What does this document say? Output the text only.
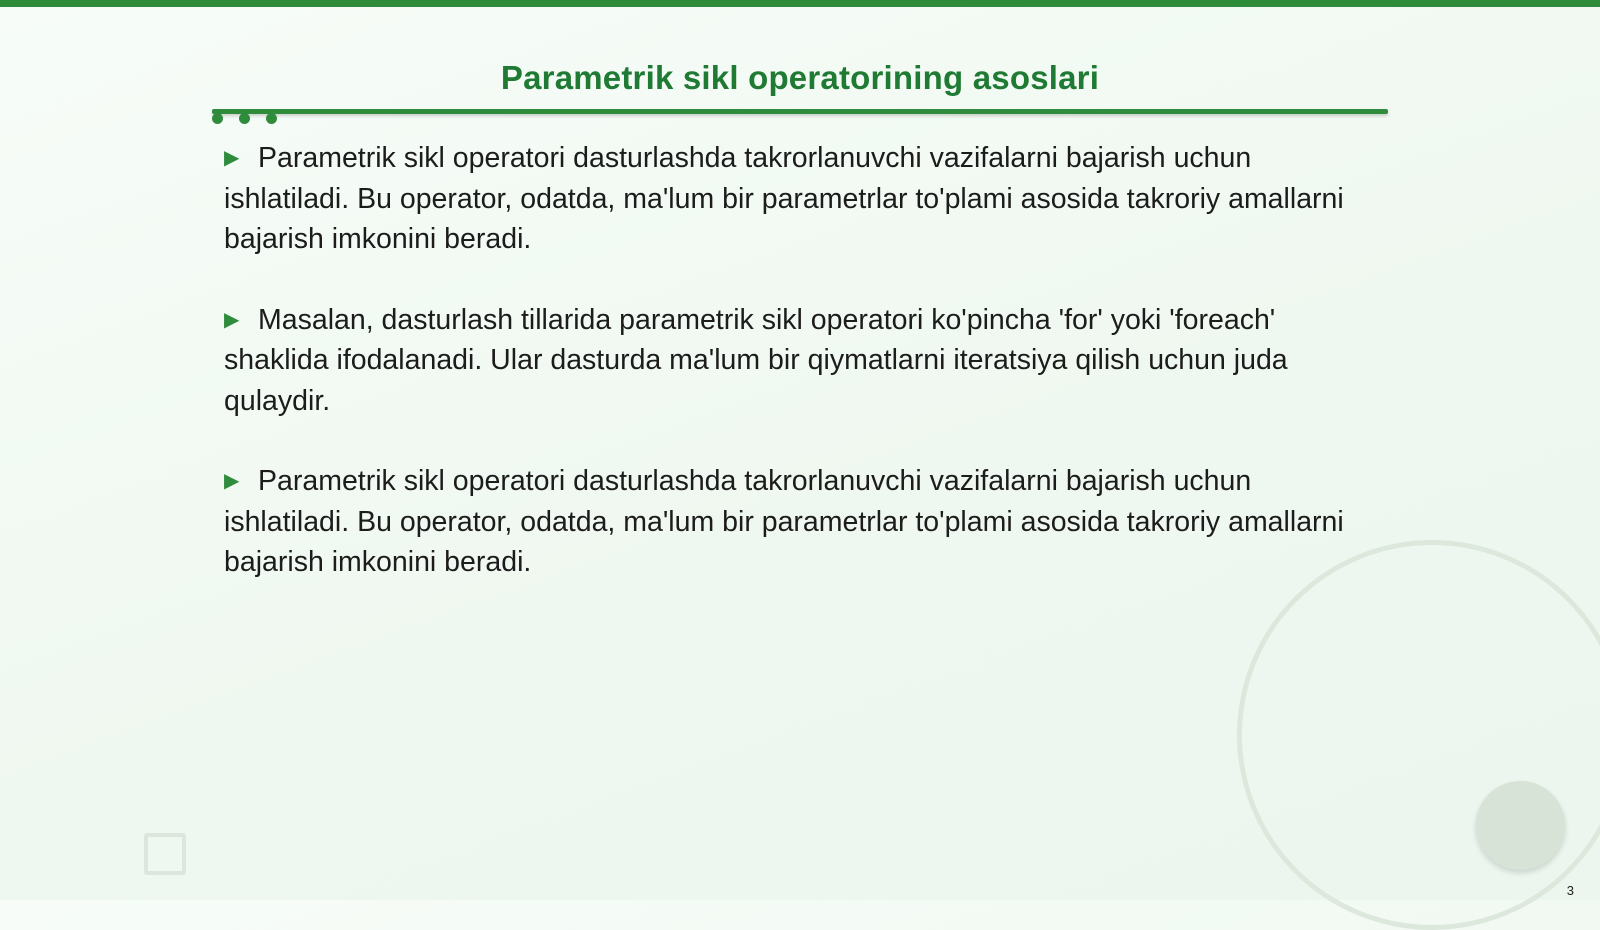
Parametrik sikl operatorining asoslari

▶ Parametrik sikl operatori dasturlashda takrorlanuvchi vazifalarni bajarish uchun ishlatiladi. Bu operator, odatda, ma'lum bir parametrlar to'plami asosida takroriy amallarni bajarish imkonini beradi.

▶ Masalan, dasturlash tillarida parametrik sikl operatori ko'pincha 'for' yoki 'foreach' shaklida ifodalanadi. Ular dasturda ma'lum bir qiymatlarni iteratsiya qilish uchun juda qulaydir.

▶ Parametrik sikl operatori dasturlashda takrorlanuvchi vazifalarni bajarish uchun ishlatiladi. Bu operator, odatda, ma'lum bir parametrlar to'plami asosida takroriy amallarni bajarish imkonini beradi.

3
